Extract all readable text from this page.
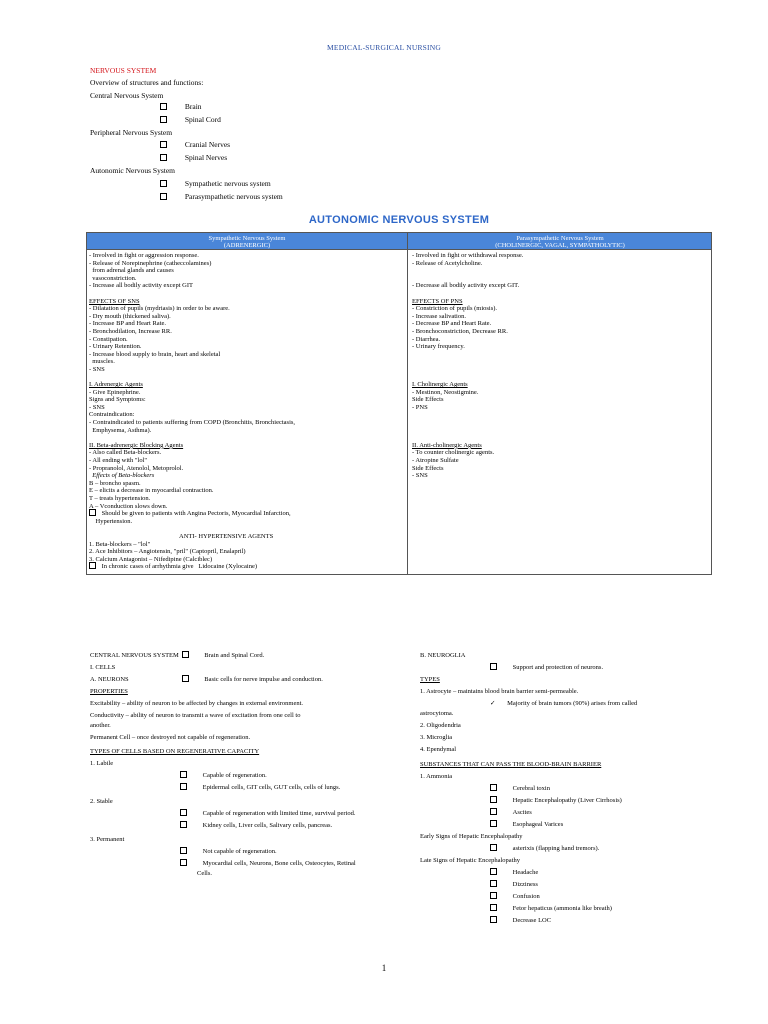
MEDICAL-SURGICAL NURSING
NERVOUS SYSTEM
Overview of structures and functions:
Central Nervous System
Brain
Spinal Cord
Peripheral Nervous System
Cranial Nerves
Spinal Nerves
Autonomic Nervous System
Sympathetic nervous system
Parasympathetic nervous system
AUTONOMIC NERVOUS SYSTEM
Sympathetic Nervous System
(ADRENERGIC)
Parasympathetic Nervous System
(CHOLINERGIC, VAGAL, SYMPATHOLYTIC)
- Involved in fight or aggression response.
- Release of Norepinephrine (catheccolamines)
from adrenal glands and causes
vasoconstriction.
- Increase all bodily activity except GIT

EFFECTS OF SNS
- Dilatation of pupils (mydriasis) in order to be aware.
- Dry mouth (thickened saliva).
- Increase BP and Heart Rate.
- Bronchodilation, Increase RR.
- Constipation.
- Urinary Retention.
- Increase blood supply to brain, heart and skeletal
muscles.
- SNS

I. Adrenergic Agents
- Give Epinephrine.
Signs and Symptoms:
- SNS
Contraindication:
- Contraindicated to patients suffering from COPD (Bronchitis, Bronchiectasis,
Emphysema, Asthma).

II. Beta-adrenergic Blocking Agents
- Also called Beta-blockers.
- All ending with "lol"
- Propranolol, Atenolol, Metoprolol.
Effects of Beta-blockers
B – broncho spasm.
E – elicits a decrease in myocardial contraction.
T – treats hypertension.
A – Vconduction slows down.
Should be given to patients with Angina Pectoris, Myocardial Infarction,
Hypertension.

ANTI- HYPERTENSIVE AGENTS
1. Beta-blockers – "lol"
2. Ace Inhibitors – Angiotensin, "pril" (Captopril, Enalapril)
3. Calcium Antagonist – Nifedipine (Calciblec)
In chronic cases of arrhythmia give   Lidocaine (Xylocaine)
- Involved in fight or withdrawal response.
- Release of Acetylcholine.

- Decrease all bodily activity except GIT.

EFFECTS OF PNS
- Constriction of pupils (miosis).
- Increase salivation.
- Decrease BP and Heart Rate.
- Bronchoconstriction, Decrease RR.
- Diarrhea.
- Urinary frequency.

I. Cholinergic Agents
- Mestinon, Neostigmine.
Side Effects
- PNS

II. Anti-cholinergic Agents
- To counter cholinergic agents.
- Atropine Sulfate
Side Effects
- SNS
CENTRAL NERVOUS SYSTEM	Brain and Spinal Cord.
I. CELLS
A. NEURONS	Basic cells for nerve impulse and conduction.
PROPERTIES
Excitability – ability of neuron to be affected by changes in external environment.
Conductivity – ability of neuron to transmit a wave of excitation from one cell to
another.
Permanent Cell – once destroyed not capable of regeneration.
TYPES OF CELLS BASED ON REGENERATIVE CAPACITY
1. Labile
Capable of regeneration.
Epidermal cells, GIT cells, GUT cells, cells of lungs.
2. Stable
Capable of regeneration with limited time, survival period.
Kidney cells, Liver cells, Salivary cells, pancreas.
3. Permanent
Not capable of regeneration.
Myocardial cells, Neurons, Bone cells, Osteocytes, Retinal
Cells.
B. NEUROGLIA
Support and protection of neurons.
TYPES
1. Astrocyte – maintains blood brain barrier semi-permeable.
✓ Majority of brain tumors (90%) arises from called
astrocytoma.
2. Oligodendria
3. Microglia
4. Ependymal
SUBSTANCES THAT CAN PASS THE BLOOD-BRAIN BARRIER
1. Ammonia
Cerebral toxin
Hepatic Encephalopathy (Liver Cirrhosis)
Ascites
Esophageal Varices
Early Signs of Hepatic Encephalopathy
asterixis (flapping hand tremors).
Late Signs of Hepatic Encephalopathy
Headache
Dizziness
Confusion
Fetor hepaticus (ammonia like breath)
Decrease LOC
1
